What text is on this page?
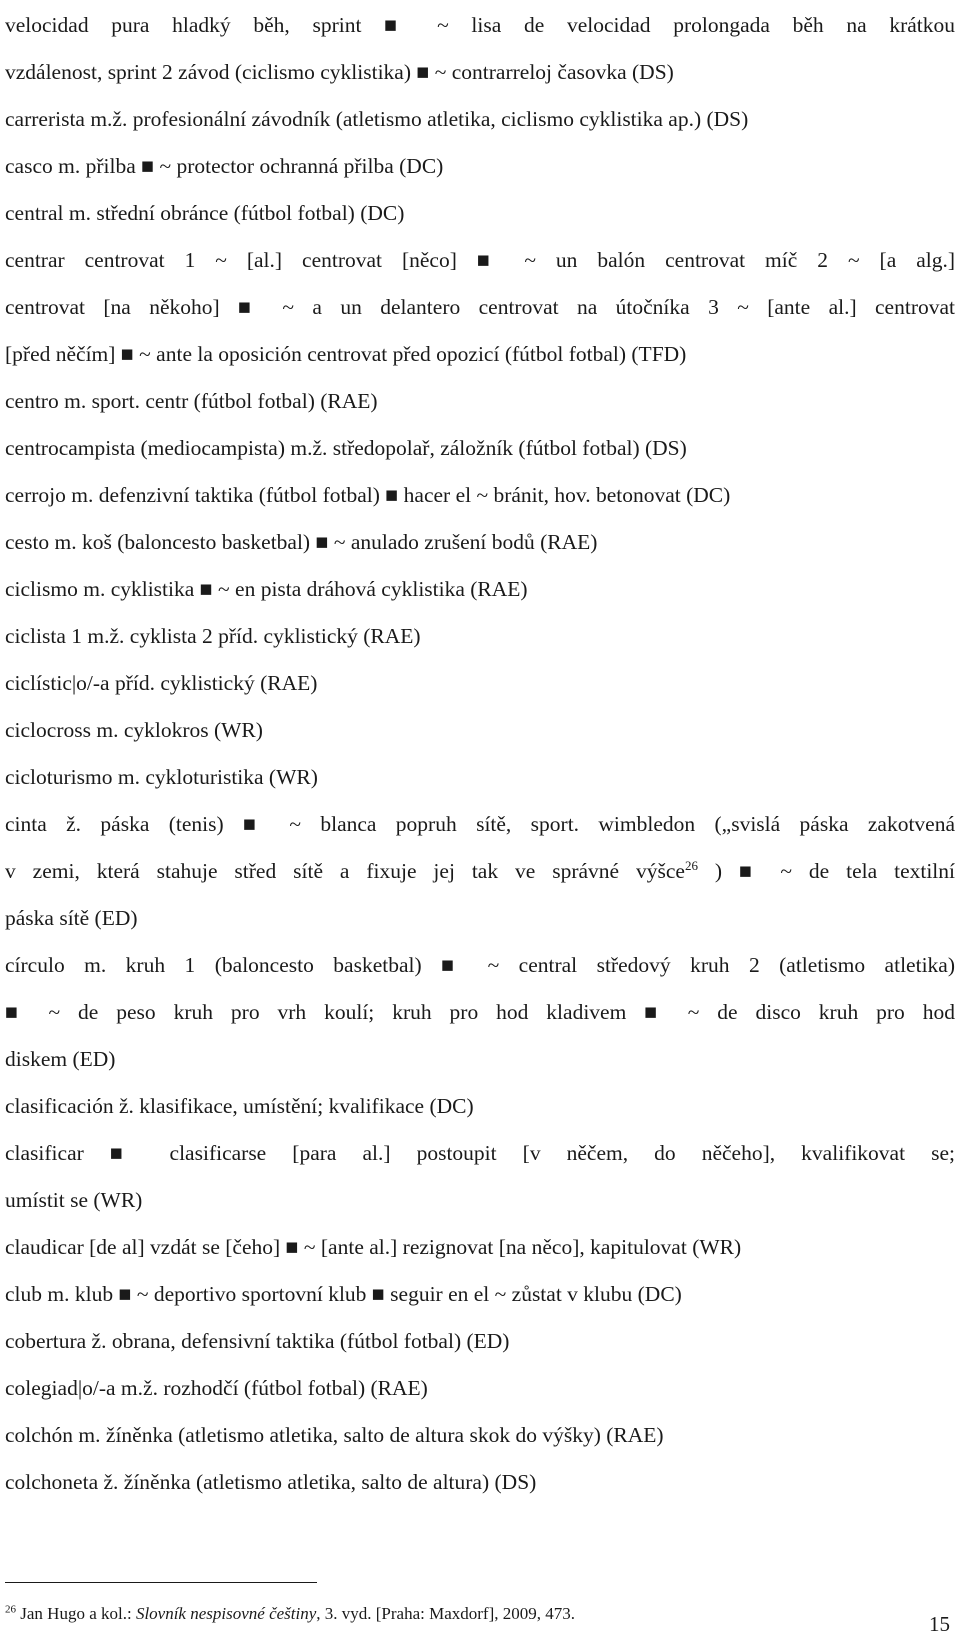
velocidad pura hladký běh, sprint ■ ~ lisa de velocidad prolongada běh na krátkou
vzdálenost, sprint 2 závod (ciclismo cyklistika) ■ ~ contrarreloj časovka (DS)
carrerista m.ž. profesionální závodník (atletismo atletika, ciclismo cyklistika ap.) (DS)
casco m. přilba ■ ~ protector ochranná přilba (DC)
central m. střední obránce (fútbol fotbal) (DC)
centrar centrovat 1 ~ [al.] centrovat [něco] ■ ~ un balón centrovat míč 2 ~ [a alg.]
centrovat [na někoho] ■ ~ a un delantero centrovat na útočníka 3 ~ [ante al.] centrovat
[před něčím] ■ ~ ante la oposición centrovat před opozicí (fútbol fotbal) (TFD)
centro m. sport. centr (fútbol fotbal) (RAE)
centrocampista (mediocampista) m.ž. středopolař, záložník (fútbol fotbal) (DS)
cerrojo m. defenzivní taktika (fútbol fotbal) ■ hacer el ~ bránit, hov. betonovat (DC)
cesto m. koš (baloncesto basketbal) ■ ~ anulado zrušení bodů (RAE)
ciclismo m. cyklistika ■ ~ en pista dráhová cyklistika (RAE)
ciclista 1 m.ž. cyklista 2 příd. cyklistický (RAE)
ciclístic|o/-a příd. cyklistický (RAE)
ciclocross m. cyklokros (WR)
cicloturismo m. cykloturistika (WR)
cinta ž. páska (tenis) ■ ~ blanca popruh sítě, sport. wimbledon („svislá páska zakotvená
v zemi, která stahuje střed sítě a fixuje jej tak ve správné výšce$^{26}$ ) ■ ~ de tela textilní
páska sítě (ED)
círculo m. kruh 1 (baloncesto basketbal) ■ ~ central středový kruh 2 (atletismo atletika)
■ ~ de peso kruh pro vrh koulí; kruh pro hod kladivem ■ ~ de disco kruh pro hod
diskem (ED)
clasificación ž. klasifikace, umístění; kvalifikace (DC)
clasificar ■ clasificarse [para al.] postoupit [v něčem, do něčeho], kvalifikovat se;
umístit se (WR)
claudicar [de al] vzdát se [čeho] ■ ~ [ante al.] rezignovat [na něco], kapitulovat (WR)
club m. klub ■ ~ deportivo sportovní klub ■ seguir en el ~ zůstat v klubu (DC)
cobertura ž. obrana, defensivní taktika (fútbol fotbal) (ED)
colegiad|o/-a m.ž. rozhodčí (fútbol fotbal) (RAE)
colchón m. žíněnka (atletismo atletika, salto de altura skok do výšky) (RAE)
colchoneta ž. žíněnka (atletismo atletika, salto de altura) (DS)
$^{26}$ Jan Hugo a kol.: Slovník nespisovné češtiny, 3. vyd. [Praha: Maxdorf], 2009, 473.	15
